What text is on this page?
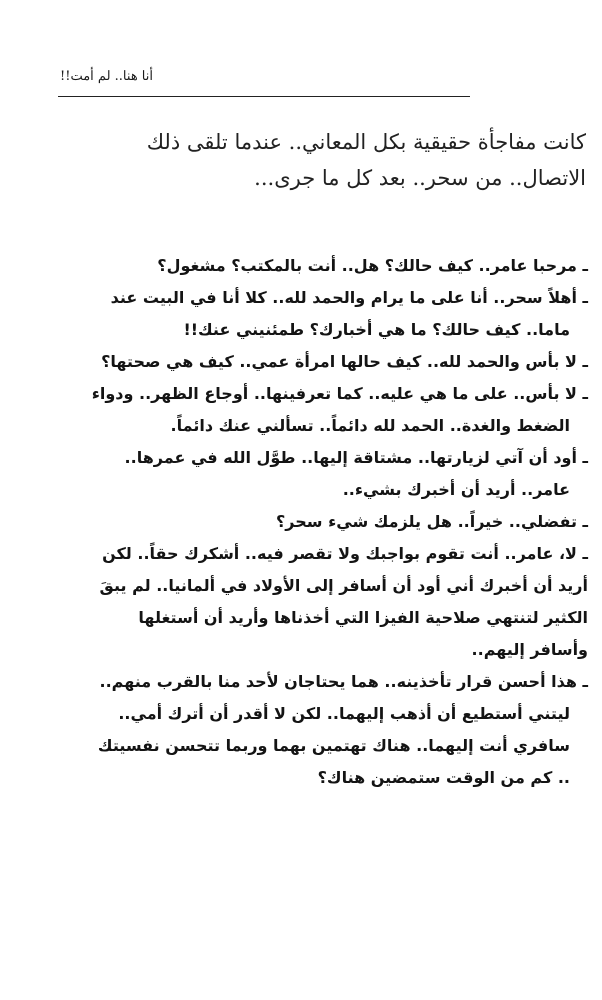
أنا هنا.. لم أمت!!

كانت مفاجأة حقيقية بكل المعاني.. عندما تلقى ذلك

الاتصال.. من سحر.. بعد كل ما جرى...

ـ مرحبا عامر.. كيف حالك؟ هل.. أنت بالمكتب؟ مشغول؟
ـ أهلاً سحر.. أنا على ما يرام والحمد لله.. كلا أنا في البيت عند
ماما.. كيف حالك؟ ما هي أخبارك؟ طمئنيني عنك!!
ـ لا بأس والحمد لله.. كيف حالها امرأة عمي.. كيف هي صحتها؟
ـ لا بأس.. على ما هي عليه.. كما تعرفينها.. أوجاع الظهر.. ودواء
الضغط والغدة.. الحمد لله دائماً.. تسألني عنك دائماً.
ـ أود أن آتي لزيارتها.. مشتاقة إليها.. طوَّل الله في عمرها..
عامر.. أريد أن أخبرك بشيء..
ـ تفضلي.. خيراً.. هل يلزمك شيء سحر؟
ـ لا، عامر.. أنت تقوم بواجبك ولا تقصر فيه.. أشكرك حقاً.. لكن
أريد أن أخبرك أني أود أن أسافر إلى الأولاد في ألمانيا.. لم يبقَ
الكثير لتنتهي صلاحية الفيزا التي أخذناها وأريد أن أستغلها
وأسافر إليهم..
ـ هذا أحسن قرار تأخذينه.. هما يحتاجان لأحد منا بالقرب منهم..
ليتني أستطيع أن أذهب إليهما.. لكن لا أقدر أن أترك أمي..
سافري أنت إليهما.. هناك تهتمين بهما وربما تتحسن نفسيتك
.. كم من الوقت ستمضين هناك؟
